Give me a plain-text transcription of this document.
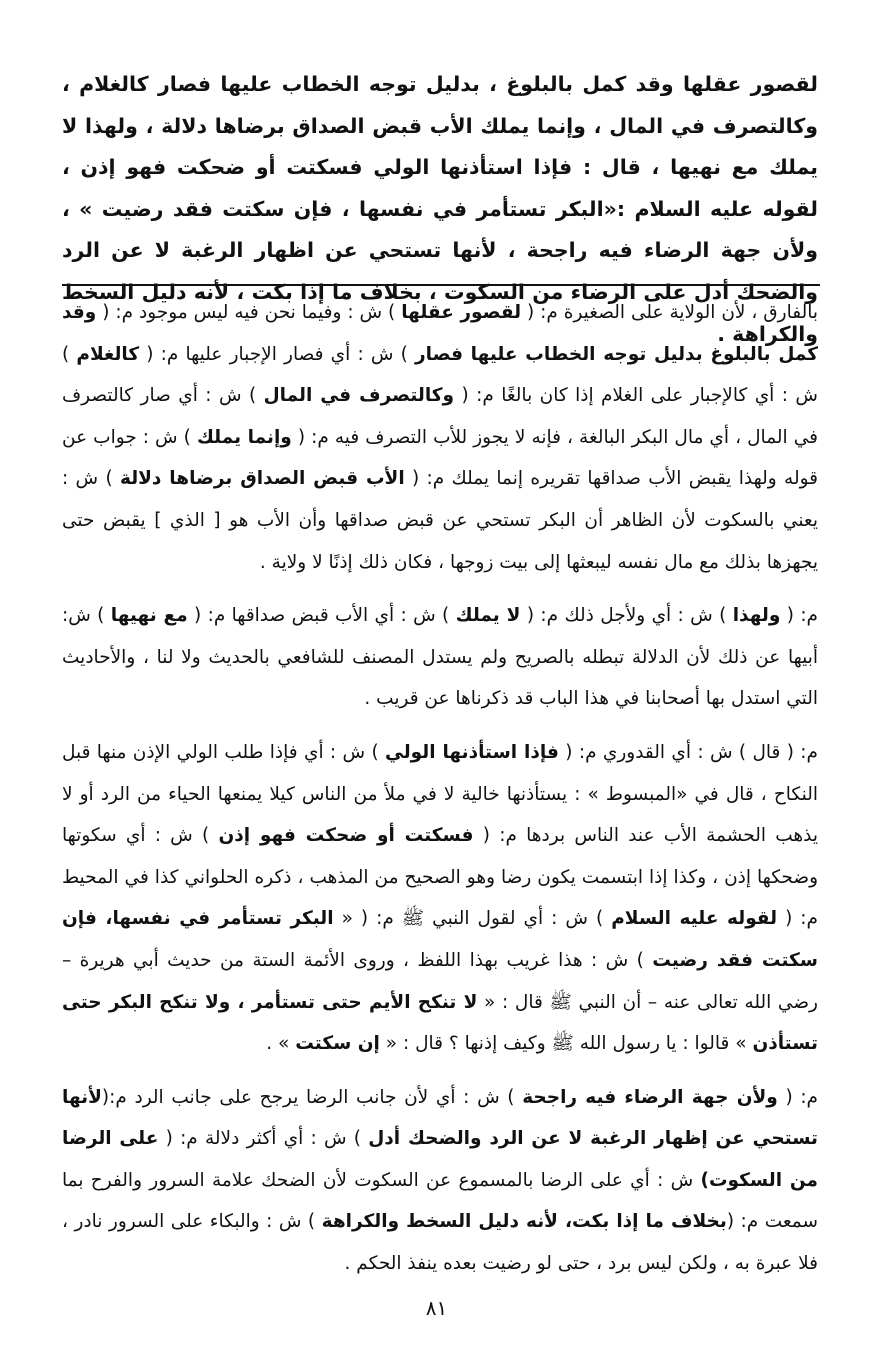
لقصور عقلها وقد كمل بالبلوغ ، بدليل توجه الخطاب عليها فصار كالغلام ، وكالتصرف في المال ، وإنما يملك الأب قبض الصداق برضاها دلالة ، ولهذا لا يملك مع نهيها ، قال : فإذا استأذنها الولي فسكتت أو ضحكت فهو إذن ، لقوله عليه السلام :«البكر تستأمر في نفسها ، فإن سكتت فقد رضيت » ، ولأن جهة الرضاء فيه راجحة ، لأنها تستحي عن اظهار الرغبة لا عن الرد والضحك أدل على الرضاء من السكوت ، بخلاف ما إذا بكت ، لأنه دليل السخط والكراهة .

بالفارق ، لأن الولاية على الصغيرة م: ( لقصور عقلها ) ش : وفيما نحن فيه ليس موجود م: ( وقد كمل بالبلوغ بدليل توجه الخطاب عليها فصار ) ش : أي فصار الإجبار عليها م: ( كالغلام ) ش : أي كالإجبار على الغلام إذا كان بالغًا م: ( وكالتصرف في المال ) ش : أي صار كالتصرف في المال ، أي مال البكر البالغة ، فإنه لا يجوز للأب التصرف فيه م: ( وإنما يملك ) ش : جواب عن قوله ولهذا يقبض الأب صداقها تقريره إنما يملك م: ( الأب قبض الصداق برضاها دلالة ) ش : يعني بالسكوت لأن الظاهر أن البكر تستحي عن قبض صداقها وأن الأب هو [ الذي ] يقبض حتى يجهزها بذلك مع مال نفسه ليبعثها إلى بيت زوجها ، فكان ذلك إذنًا لا ولاية .

م: ( ولهذا ) ش : أي ولأجل ذلك م: ( لا يملك ) ش : أي الأب قبض صداقها م: ( مع نهيها ) ش: أبيها عن ذلك لأن الدلالة تبطله بالصريح ولم يستدل المصنف للشافعي بالحديث ولا لنا ، والأحاديث التي استدل بها أصحابنا في هذا الباب قد ذكرناها عن قريب .

م: ( قال ) ش : أي القدوري م: ( فإذا استأذنها الولي ) ش : أي فإذا طلب الولي الإذن منها قبل النكاح ، قال في «المبسوط » : يستأذنها خالية لا في ملأ من الناس كيلا يمنعها الحياء من الرد أو لا يذهب الحشمة الأب عند الناس بردها م: ( فسكتت أو ضحكت فهو إذن ) ش : أي سكوتها وضحكها إذن ، وكذا إذا ابتسمت يكون رضا وهو الصحيح من المذهب ، ذكره الحلواني كذا في المحيط م: ( لقوله عليه السلام ) ش : أي لقول النبي ﷺ م: ( « البكر تستأمر في نفسها، فإن سكتت فقد رضيت ) ش : هذا غريب بهذا اللفظ ، وروى الأئمة الستة من حديث أبي هريرة – رضي الله تعالى عنه – أن النبي ﷺ قال : « لا تنكح الأيم حتى تستأمر ، ولا تنكح البكر حتى تستأذن » قالوا : يا رسول الله ﷺ وكيف إذنها ؟ قال : « إن سكتت » .

م: ( ولأن جهة الرضاء فيه راجحة ) ش : أي لأن جانب الرضا يرجح على جانب الرد م:(لأنها تستحي عن إظهار الرغبة لا عن الرد والضحك أدل ) ش : أي أكثر دلالة م: ( على الرضا من السكوت) ش : أي على الرضا بالمسموع عن السكوت لأن الضحك علامة السرور والفرح بما سمعت م: (بخلاف ما إذا بكت، لأنه دليل السخط والكراهة ) ش : والبكاء على السرور نادر ، فلا عبرة به ، ولكن ليس برد ، حتى لو رضيت بعده ينفذ الحكم .

٨١
